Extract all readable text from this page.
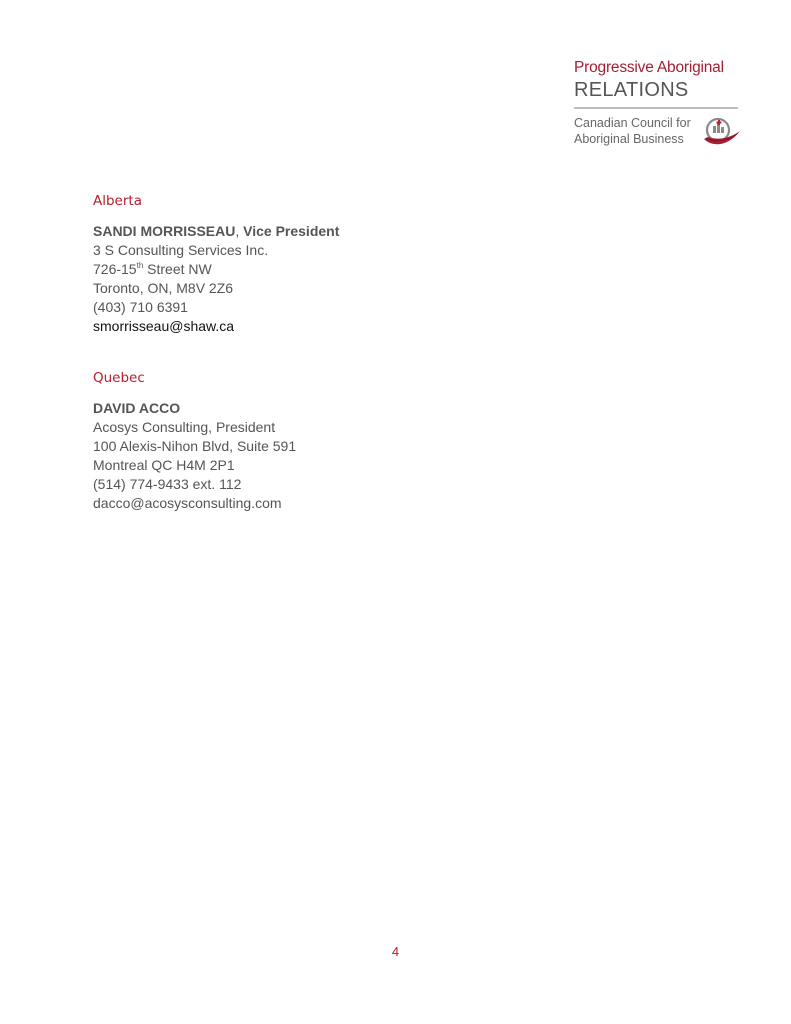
Progressive Aboriginal
RELATIONS
Canadian Council for
Aboriginal Business
Alberta
SANDI MORRISSEAU, Vice President
3 S Consulting Services Inc.
726-15th Street NW
Toronto, ON, M8V 2Z6
(403) 710 6391
smorrisseau@shaw.ca
Quebec
DAVID ACCO
Acosys Consulting, President
100 Alexis-Nihon Blvd, Suite 591
Montreal QC H4M 2P1
(514) 774-9433 ext. 112
dacco@acosysconsulting.com
4
